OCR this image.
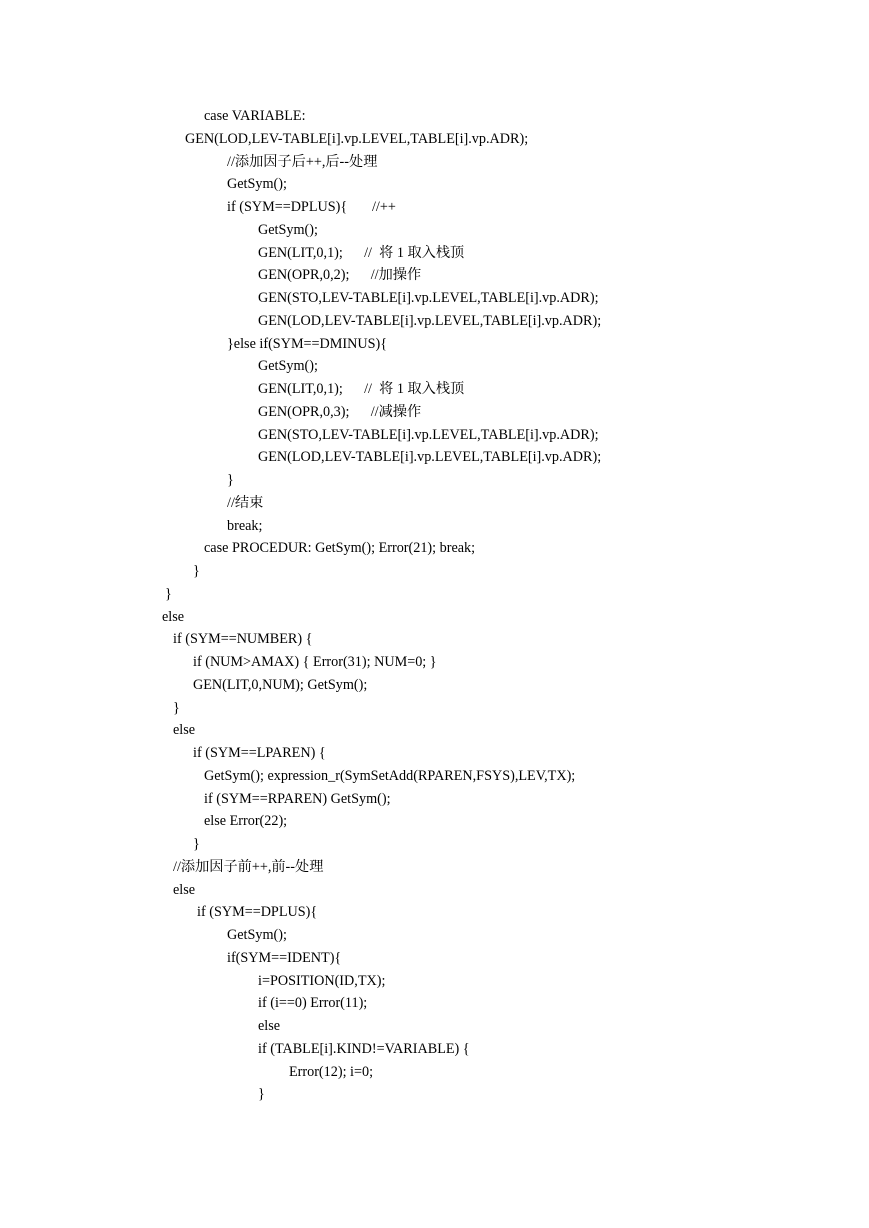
case VARIABLE:
GEN(LOD,LEV-TABLE[i].vp.LEVEL,TABLE[i].vp.ADR);
//添加因子后++,后--处理
GetSym();
if (SYM==DPLUS){       //++
GetSym();
GEN(LIT,0,1);      //  将 1 取入栈顶
GEN(OPR,0,2);      //加操作
GEN(STO,LEV-TABLE[i].vp.LEVEL,TABLE[i].vp.ADR);
GEN(LOD,LEV-TABLE[i].vp.LEVEL,TABLE[i].vp.ADR);
}else if(SYM==DMINUS){
GetSym();
GEN(LIT,0,1);      //  将 1 取入栈顶
GEN(OPR,0,3);      //减操作
GEN(STO,LEV-TABLE[i].vp.LEVEL,TABLE[i].vp.ADR);
GEN(LOD,LEV-TABLE[i].vp.LEVEL,TABLE[i].vp.ADR);
}
//结束
break;
case PROCEDUR: GetSym(); Error(21); break;
}
}
else
if (SYM==NUMBER) {
if (NUM>AMAX) { Error(31); NUM=0; }
GEN(LIT,0,NUM); GetSym();
}
else
if (SYM==LPAREN) {
GetSym(); expression_r(SymSetAdd(RPAREN,FSYS),LEV,TX);
if (SYM==RPAREN) GetSym();
else Error(22);
}
//添加因子前++,前--处理
else
if (SYM==DPLUS){
GetSym();
if(SYM==IDENT){
i=POSITION(ID,TX);
if (i==0) Error(11);
else
if (TABLE[i].KIND!=VARIABLE) {
Error(12); i=0;
}
